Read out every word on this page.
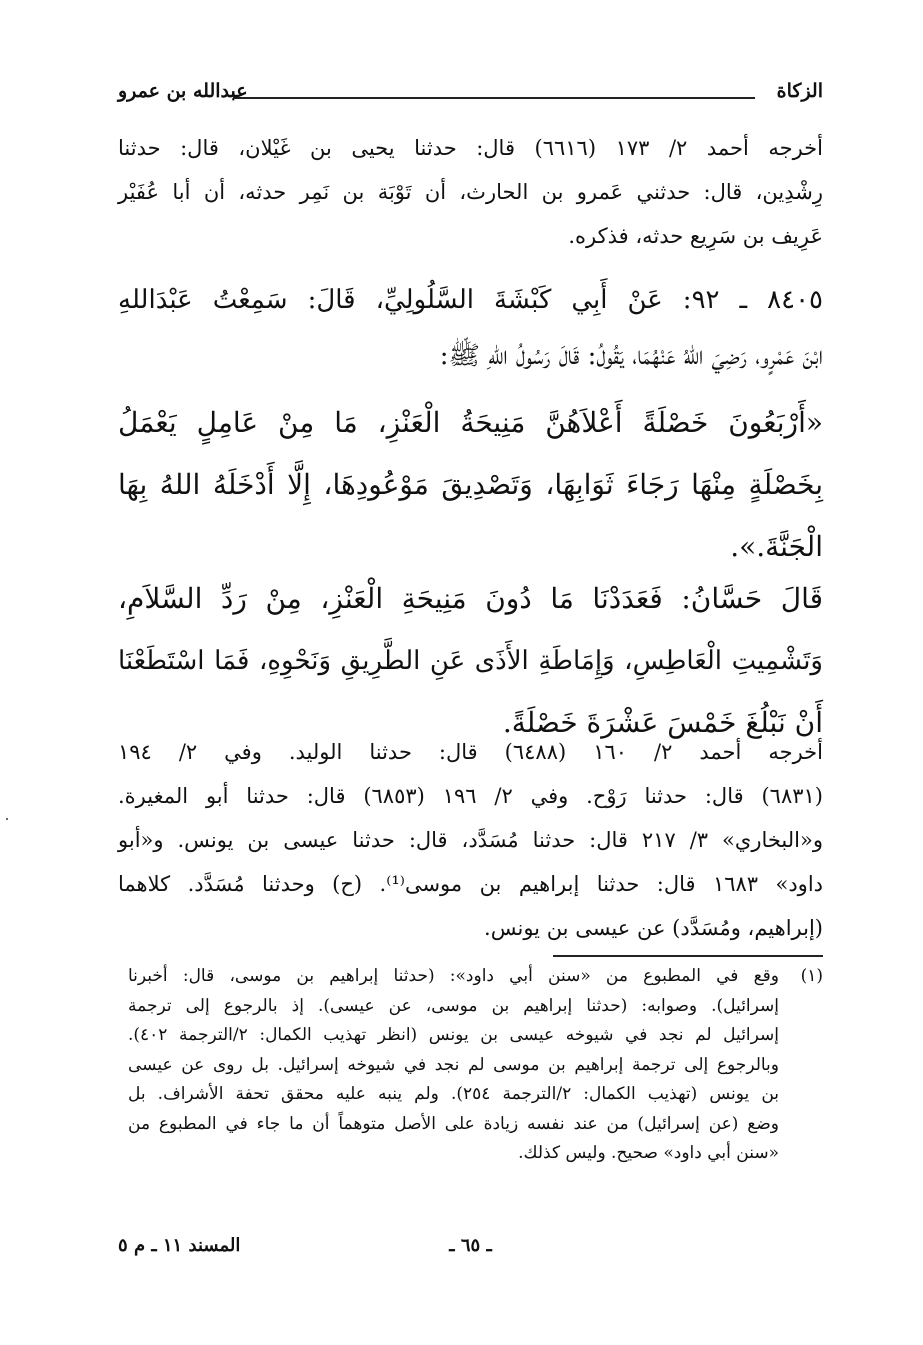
الزكاة
عبدالله بن عمرو
أخرجه أحمد ٢/ ١٧٣ (٦٦١٦) قال: حدثنا يحيى بن غَيْلان، قال: حدثنا
رِشْدِين، قال: حدثني عَمرو بن الحارث، أن تَوْبَة بن نَمِر حدثه، أن أبا عُفَيْر
عَرِيف بن سَرِيع حدثه، فذكره.
٨٤٠٥ ـ ٩٢: عَنْ أَبِي كَبْشَةَ السَّلُولِيِّ، قَالَ: سَمِعْتُ عَبْدَاللهِ
ابْنَ عَمْرٍو، رَضِيَ اللهُ عَنْهُمَا، يَقُولُ: قَالَ رَسُولُ اللهِ ﷺ:
«أَرْبَعُونَ خَصْلَةً أَعْلاَهُنَّ مَنِيحَةُ الْعَنْزِ، مَا مِنْ عَامِلٍ يَعْمَلُ
بِخَصْلَةٍ مِنْهَا رَجَاءَ ثَوَابِهَا، وَتَصْدِيقَ مَوْعُودِهَا، إِلَّا أَدْخَلَهُ اللهُ بِهَا
الْجَنَّةَ.».
قَالَ حَسَّانُ: فَعَدَدْنَا مَا دُونَ مَنِيحَةِ الْعَنْزِ، مِنْ رَدِّ السَّلاَمِ،
وَتَشْمِيتِ الْعَاطِسِ، وَإِمَاطَةِ الأَذَى عَنِ الطَّرِيقِ وَنَحْوِهِ، فَمَا اسْتَطَعْنَا
أَنْ نَبْلُغَ خَمْسَ عَشْرَةَ خَصْلَةً.
أخرجه أحمد ٢/ ١٦٠ (٦٤٨٨) قال: حدثنا الوليد. وفي ٢/ ١٩٤
(٦٨٣١) قال: حدثنا رَوْح. وفي ٢/ ١٩٦ (٦٨٥٣) قال: حدثنا أبو المغيرة.
و«البخاري» ٣/ ٢١٧ قال: حدثنا مُسَدَّد، قال: حدثنا عيسى بن يونس. و«أبو
داود» ١٦٨٣ قال: حدثنا إبراهيم بن موسى⁽¹⁾. (ح) وحدثنا مُسَدَّد. كلاهما
(إبراهيم، ومُسَدَّد) عن عيسى بن يونس.
(١)
وقع في المطبوع من «سنن أبي داود»: (حدثنا إبراهيم بن موسى، قال: أخبرنا
إسرائيل). وصوابه: (حدثنا إبراهيم بن موسى، عن عيسى). إذ بالرجوع إلى ترجمة
إسرائيل لم نجد في شيوخه عيسى بن يونس (انظر تهذيب الكمال: ٢/الترجمة ٤٠٢).
وبالرجوع إلى ترجمة إبراهيم بن موسى لم نجد في شيوخه إسرائيل. بل روى عن عيسى
بن يونس (تهذيب الكمال: ٢/الترجمة ٢٥٤). ولم ينبه عليه محقق تحفة الأشراف. بل
وضع (عن إسرائيل) من عند نفسه زيادة على الأصل متوهماً أن ما جاء في المطبوع من
«سنن أبي داود» صحيح. وليس كذلك.
ـ ٦٥ ـ
المسند ١١ ـ م ٥
